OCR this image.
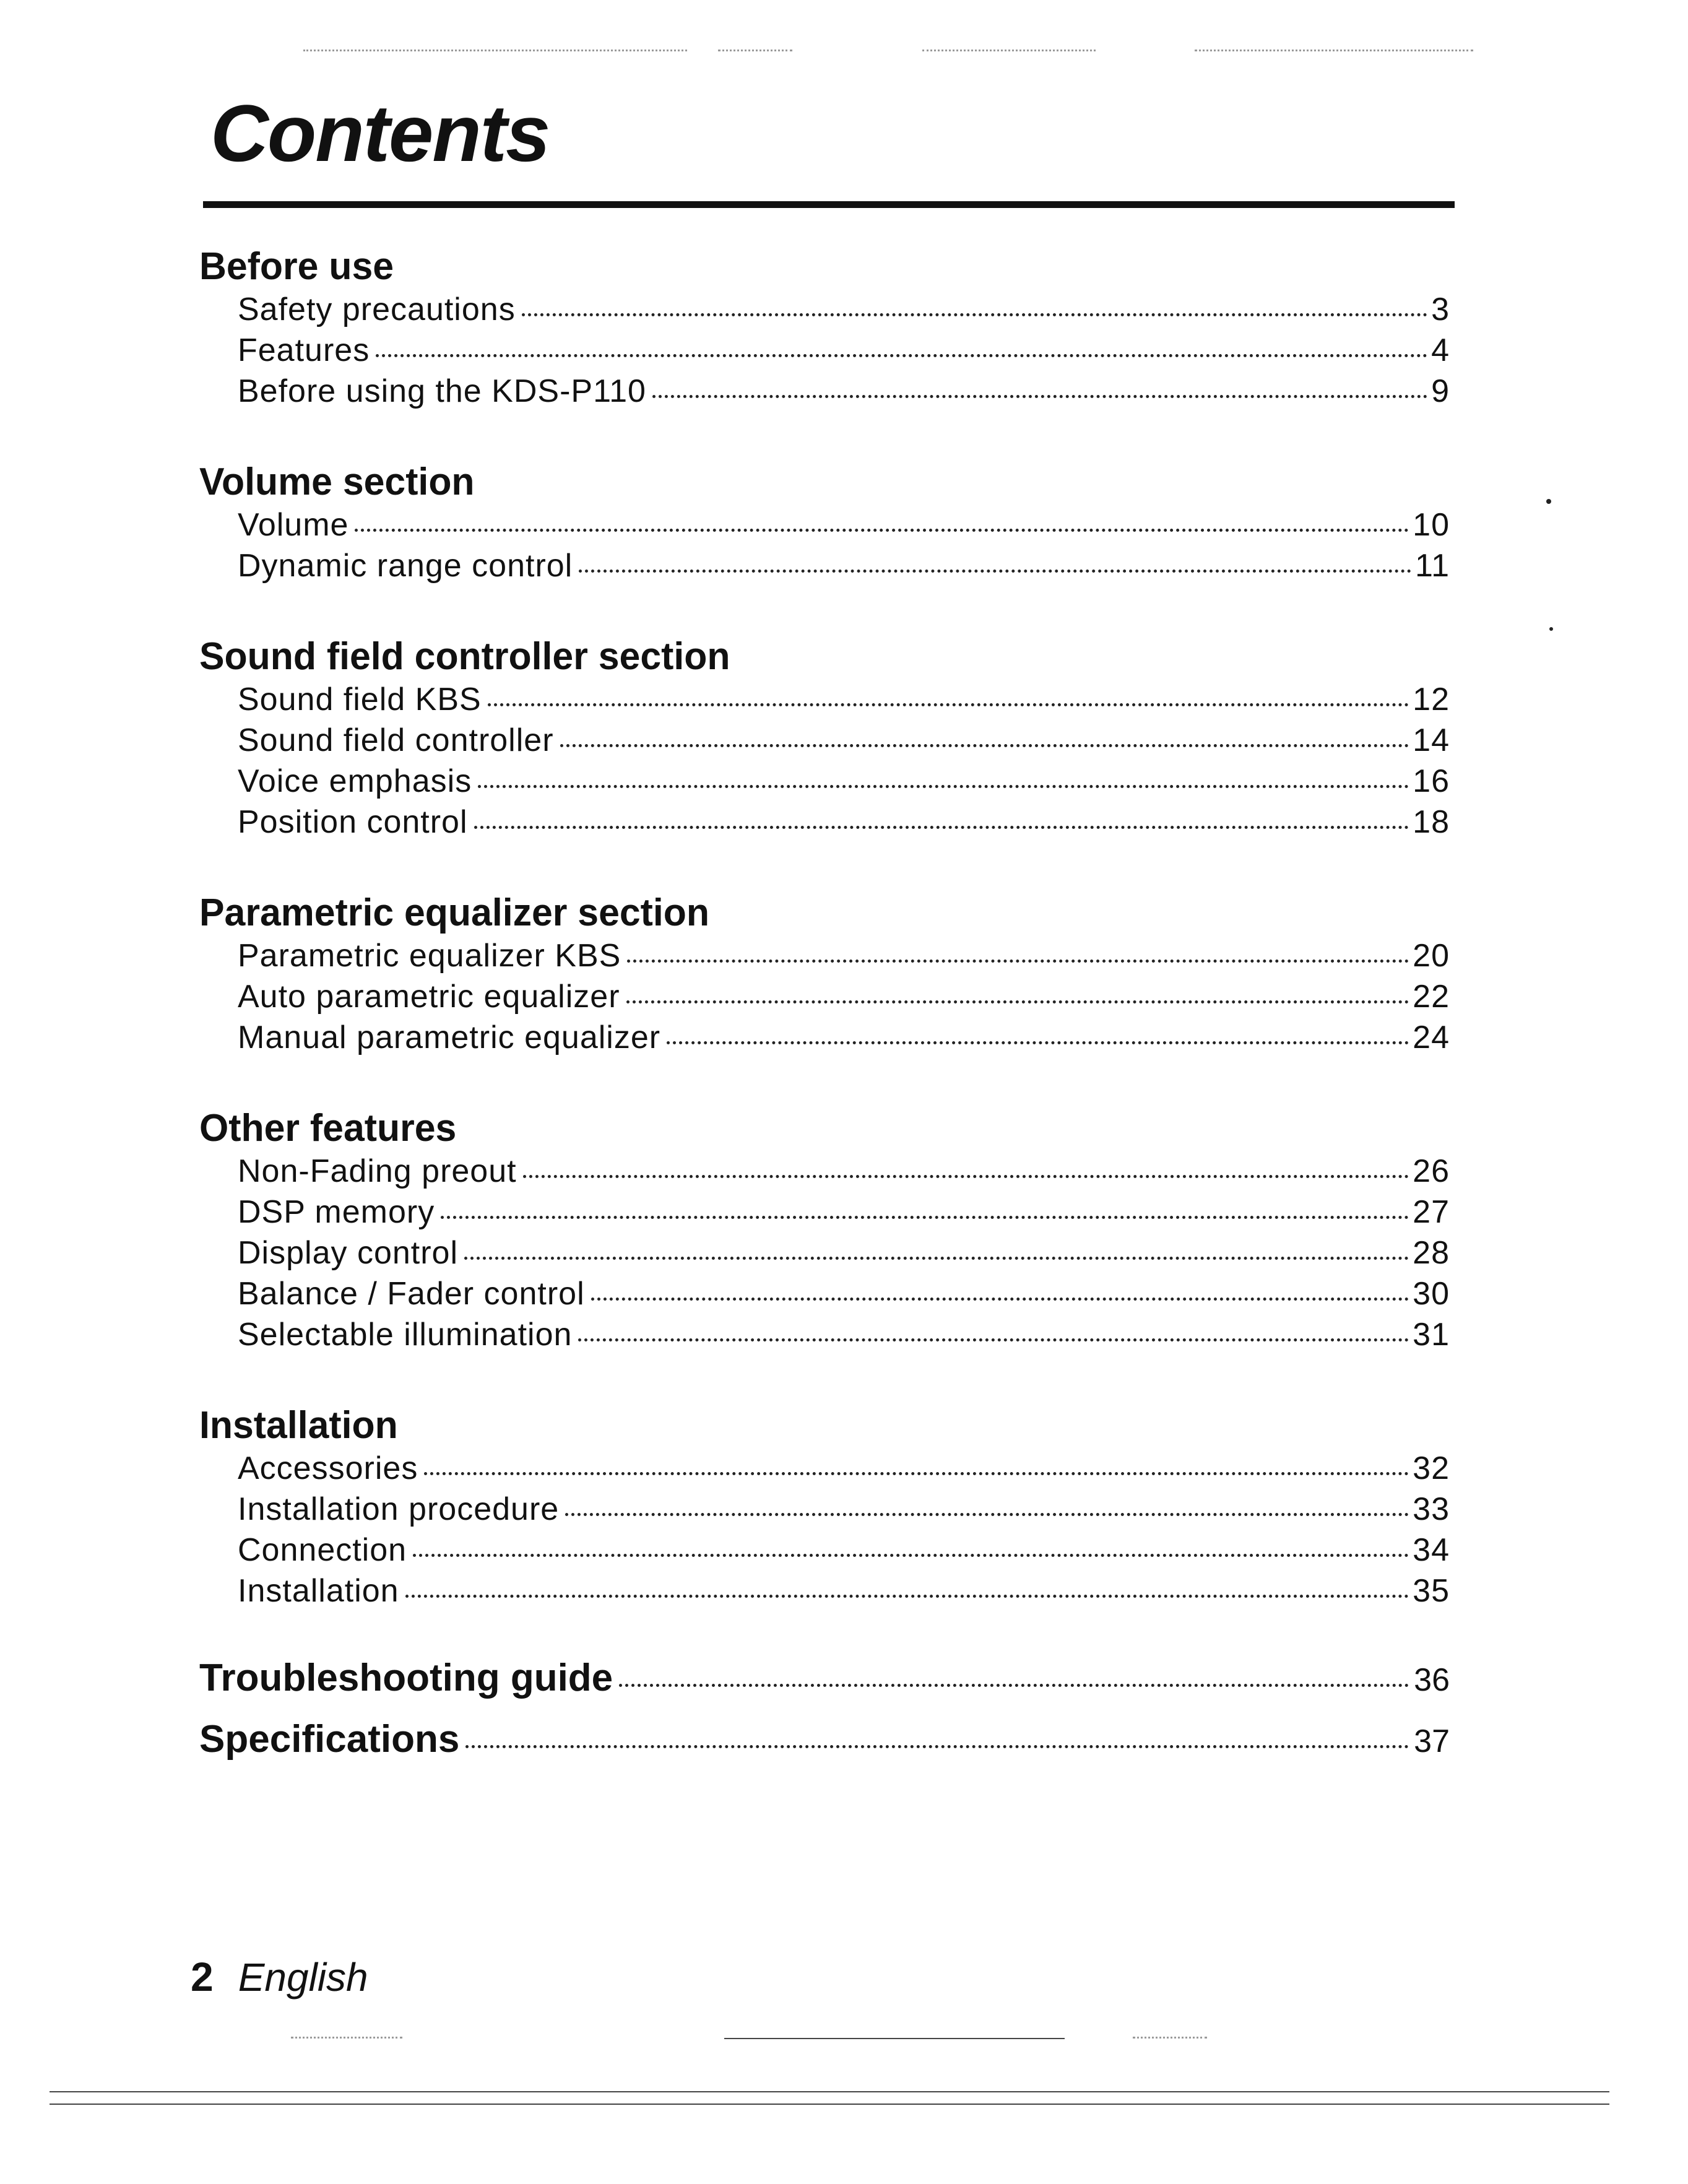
Contents
Before use
Safety precautions	3
Features	4
Before using the KDS-P110	9
Volume section
Volume	10
Dynamic range control	11
Sound field controller section
Sound field KBS	12
Sound field controller	14
Voice emphasis	16
Position control	18
Parametric equalizer section
Parametric equalizer KBS	20
Auto parametric equalizer	22
Manual parametric equalizer	24
Other features
Non-Fading preout	26
DSP memory	27
Display control	28
Balance / Fader control	30
Selectable illumination	31
Installation
Accessories	32
Installation procedure	33
Connection	34
Installation	35
Troubleshooting guide	36
Specifications	37
2 English
